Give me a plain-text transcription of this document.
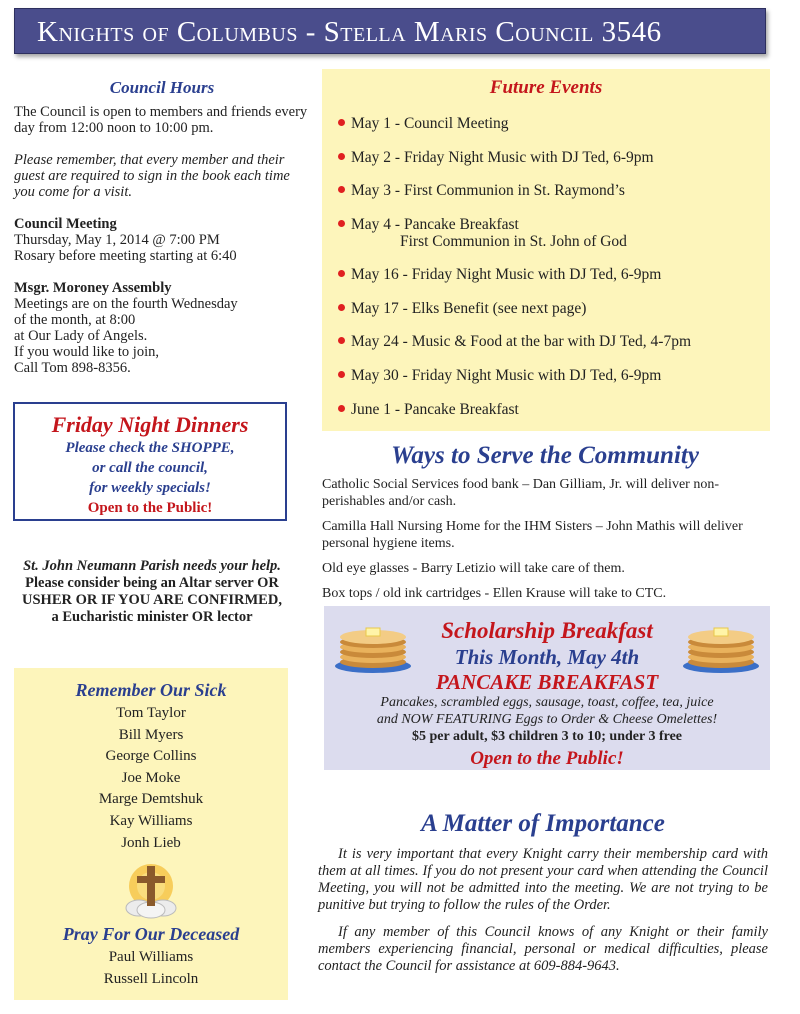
Knights of Columbus - Stella Maris Council 3546
Council Hours

The Council is open to members and friends every day from 12:00 noon to 10:00 pm.

Please remember, that every member and their guest are required to sign in the book each time you come for a visit.

Council Meeting
Thursday, May 1, 2014 @ 7:00 PM
Rosary before meeting starting at 6:40

Msgr. Moroney Assembly
Meetings are on the fourth Wednesday
of the month, at 8:00
at Our Lady of Angels.
If you would like to join,
Call Tom 898-8356.

Friday Night Dinners
Please check the SHOPPE,
or call the council,
for weekly specials!
Open to the Public!
St. John Neumann Parish needs your help.
Please consider being an Altar server OR
USHER OR IF YOU ARE CONFIRMED,
a Eucharistic minister OR lector
Remember Our Sick
Tom Taylor
Bill Myers
George Collins
Joe Moke
Marge Demtshuk
Kay Williams
Jonh Lieb
Pray For Our Deceased
Paul Williams
Russell Lincoln
Future Events
May 1 - Council Meeting
May 2 - Friday Night Music with DJ Ted, 6-9pm
May 3 - First Communion in St. Raymond’s
May 4 - Pancake Breakfast
First Communion in St. John of God
May 16 - Friday Night Music with DJ Ted, 6-9pm
May 17 - Elks Benefit (see next page)
May 24 - Music & Food at the bar with DJ Ted, 4-7pm
May 30 - Friday Night Music with DJ Ted, 6-9pm
June 1 - Pancake Breakfast
Ways to Serve the Community

Catholic Social Services food bank – Dan Gilliam, Jr. will deliver non-perishables and/or cash.

Camilla Hall Nursing Home for the IHM Sisters – John Mathis will deliver personal hygiene items.

Old eye glasses - Barry Letizio will take care of them.

Box tops / old ink cartridges - Ellen Krause will take to CTC.

Scholarship Breakfast
This Month, May 4th
PANCAKE BREAKFAST
Pancakes, scrambled eggs, sausage, toast, coffee, tea, juice
and NOW FEATURING Eggs to Order & Cheese Omelettes!
$5 per adult, $3 children 3 to 10; under 3 free
Open to the Public!
A Matter of Importance

It is very important that every Knight carry their membership card with them at all times. If you do not present your card when attending the Council Meeting, you will not be admitted into the meeting. We are not trying to be punitive but trying to follow the rules of the Order.

If any member of this Council knows of any Knight or their family members experiencing financial, personal or medical difficulties, please contact the Council for assistance at 609-884-9643.
